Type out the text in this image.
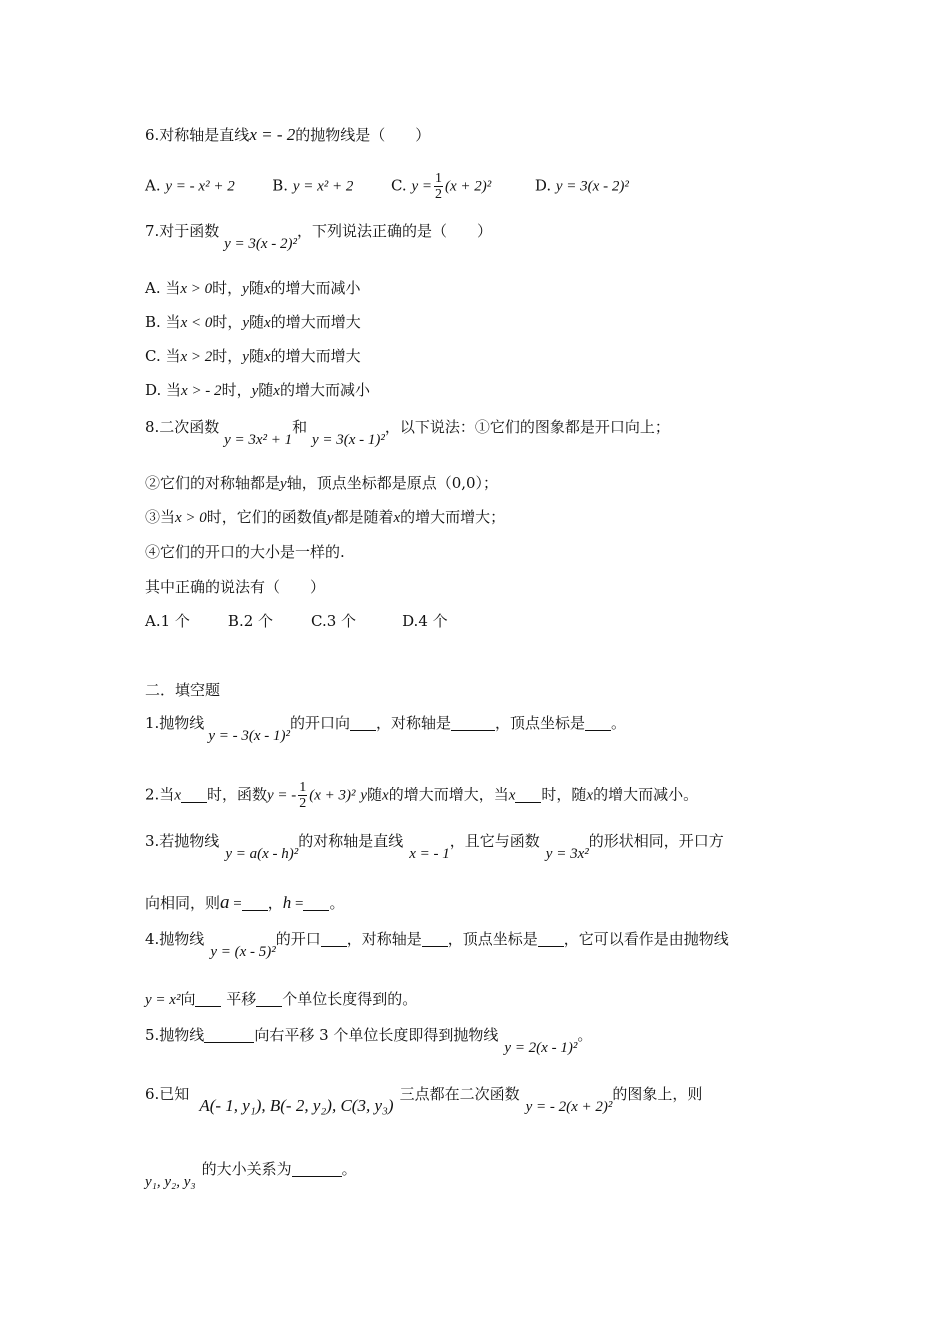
6.对称轴是直线x = - 2的抛物线是（　　）
A. y = - x² + 2	B. y = x² + 2	C. $y = \frac{1}{2} (x + 2)^2$	D. y = 3(x - 2)²
7.对于函数 y = 3(x - 2)²，下列说法正确的是（　　）
A. 当x > 0时，y随x的增大而减小
B. 当x < 0时，y随x的增大而增大
C. 当x > 2时，y随x的增大而增大
D. 当x > - 2时，y随x的增大而减小
8.二次函数 y = 3x² + 1和 y = 3(x - 1)²，以下说法：①它们的图象都是开口向上；
②它们的对称轴都是y轴，顶点坐标都是原点（0,0）；
③当x > 0时，它们的函数值y都是随着x的增大而增大；
④它们的开口的大小是一样的.
其中正确的说法有（　　）
A.1 个	B.2 个	C.3 个	D.4 个
二．填空题
1.抛物线y = - 3(x - 1)²的开口向 ，对称轴是	，顶点坐标是 。
2.当x 时，函数y = - $\frac{1}{2} (x + 3)^2$ y随x的增大而增大，当x 时，随x的增大而减小。
3.若抛物线y = a(x - h)²的对称轴是直线x = - 1，且它与函数y = 3x²的形状相同，开口方
向相同，则a = ，h = 。
4.抛物线y = (x - 5)²的开口 ，对称轴是 ，顶点坐标是 ，它可以看作是由抛物线
y = x²向 平移 个单位长度得到的。
5.抛物线	向右平移 3 个单位长度即得到抛物线y = 2(x - 1)²。
6.已知A(- 1, y₁), B(- 2, y₂), C(3, y₃)三点都在二次函数y = - 2(x + 2)²的图象上，则
y₁, y₂, y₃的大小关系为	。
